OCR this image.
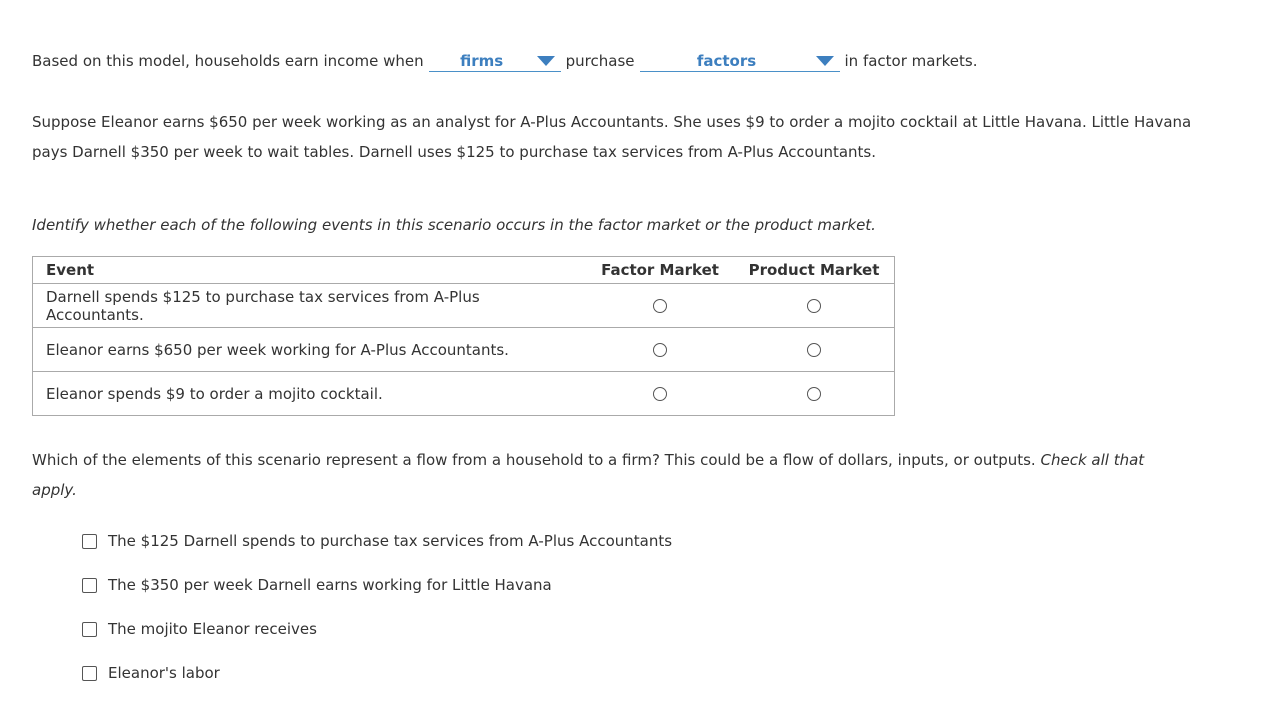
Based on this model, households earn income when	firms	purchase	factors	in factor markets.
Suppose Eleanor earns $650 per week working as an analyst for A-Plus Accountants. She uses $9 to order a mojito cocktail at Little Havana. Little Havana pays Darnell $350 per week to wait tables. Darnell uses $125 to purchase tax services from A-Plus Accountants.
Identify whether each of the following events in this scenario occurs in the factor market or the product market.
Event	Factor Market	Product Market
Darnell spends $125 to purchase tax services from A-Plus Accountants.		
Eleanor earns $650 per week working for A-Plus Accountants.		
Eleanor spends $9 to order a mojito cocktail.		
Which of the elements of this scenario represent a flow from a household to a firm? This could be a flow of dollars, inputs, or outputs. Check all that apply.
The $125 Darnell spends to purchase tax services from A-Plus Accountants
The $350 per week Darnell earns working for Little Havana
The mojito Eleanor receives
Eleanor's labor
